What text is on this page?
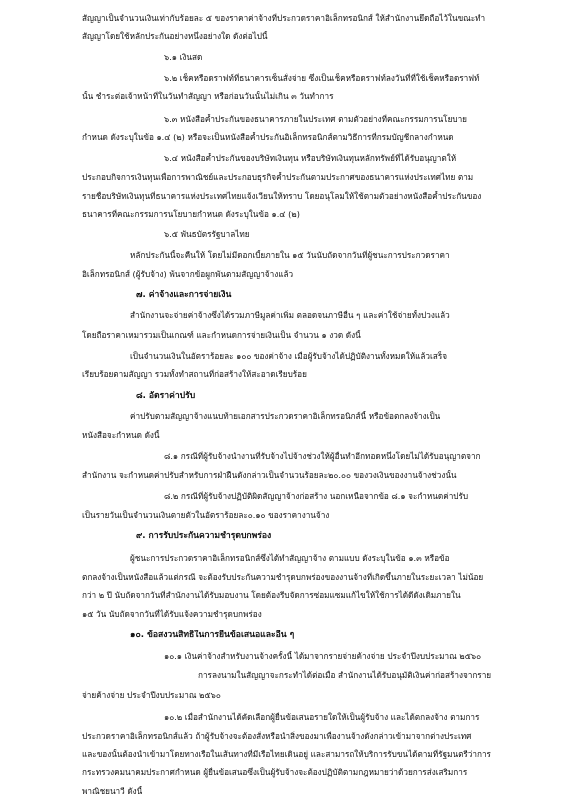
สัญญาเป็นจำนวนเงินเท่ากับร้อยละ ๕ ของราคาค่าจ้างที่ประกวดราคาอิเล็กทรอนิกส์ ให้สำนักงานยึดถือไว้ในขณะทำ
สัญญาโดยใช้หลักประกันอย่างหนึ่งอย่างใด ดังต่อไปนี้
๖.๑ เงินสด
๖.๒ เช็คหรือดราฟท์ที่ธนาคารเซ็นสั่งจ่าย ซึ่งเป็นเช็คหรือดราฟท์ลงวันที่ที่ใช้เช็คหรือดราฟท์
นั้น ชำระต่อเจ้าหน้าที่ในวันทำสัญญา หรือก่อนวันนั้นไม่เกิน ๓ วันทำการ
๖.๓ หนังสือค้ำประกันของธนาคารภายในประเทศ ตามตัวอย่างที่คณะกรรมการนโยบาย
กำหนด ดังระบุในข้อ ๑.๔ (๒) หรือจะเป็นหนังสือค้ำประกันอิเล็กทรอนิกส์ตามวิธีการที่กรมบัญชีกลางกำหนด
๖.๔ หนังสือค้ำประกันของบริษัทเงินทุน หรือบริษัทเงินทุนหลักทรัพย์ที่ได้รับอนุญาตให้
ประกอบกิจการเงินทุนเพื่อการพาณิชย์และประกอบธุรกิจค้ำประกันตามประกาศของธนาคารแห่งประเทศไทย ตาม
รายชื่อบริษัทเงินทุนที่ธนาคารแห่งประเทศไทยแจ้งเวียนให้ทราบ โดยอนุโลมให้ใช้ตามตัวอย่างหนังสือค้ำประกันของ
ธนาคารที่คณะกรรมการนโยบายกำหนด ดังระบุในข้อ ๑.๔ (๒)
๖.๕ พันธบัตรรัฐบาลไทย
หลักประกันนี้จะคืนให้ โดยไม่มีดอกเบี้ยภายใน ๑๕ วันนับถัดจากวันที่ผู้ชนะการประกวดราคา
อิเล็กทรอนิกส์ (ผู้รับจ้าง) พ้นจากข้อผูกพันตามสัญญาจ้างแล้ว
๗. ค่าจ้างและการจ่ายเงิน
สำนักงานจะจ่ายค่าจ้างซึ่งได้รวมภาษีมูลค่าเพิ่ม ตลอดจนภาษีอื่น ๆ และค่าใช้จ่ายทั้งปวงแล้ว
โดยถือราคาเหมารวมเป็นเกณฑ์ และกำหนดการจ่ายเงินเป็น จำนวน ๑ งวด ดังนี้
เป็นจำนวนเงินในอัตราร้อยละ ๑๐๐ ของค่าจ้าง เมื่อผู้รับจ้างได้ปฏิบัติงานทั้งหมดให้แล้วเสร็จ
เรียบร้อยตามสัญญา รวมทั้งทำสถานที่ก่อสร้างให้สะอาดเรียบร้อย
๘. อัตราค่าปรับ
ค่าปรับตามสัญญาจ้างแนบท้ายเอกสารประกวดราคาอิเล็กทรอนิกส์นี้ หรือข้อตกลงจ้างเป็น
หนังสือจะกำหนด ดังนี้
๘.๑ กรณีที่ผู้รับจ้างนำงานที่รับจ้างไปจ้างช่วงให้ผู้อื่นทำอีกทอดหนึ่งโดยไม่ได้รับอนุญาตจาก
สำนักงาน จะกำหนดค่าปรับสำหรับการฝ่าฝืนดังกล่าวเป็นจำนวนร้อยละ๒๐.๐๐ ของวงเงินของงานจ้างช่วงนั้น
๘.๒ กรณีที่ผู้รับจ้างปฏิบัติผิดสัญญาจ้างก่อสร้าง นอกเหนือจากข้อ ๘.๑ จะกำหนดค่าปรับ
เป็นรายวันเป็นจำนวนเงินตายตัวในอัตราร้อยละ๐.๑๐ ของราคางานจ้าง
๙. การรับประกันความชำรุดบกพร่อง
ผู้ชนะการประกวดราคาอิเล็กทรอนิกส์ซึ่งได้ทำสัญญาจ้าง ตามแบบ ดังระบุในข้อ ๑.๓ หรือข้อ
ตกลงจ้างเป็นหนังสือแล้วแต่กรณี จะต้องรับประกันความชำรุดบกพร่องของงานจ้างที่เกิดขึ้นภายในระยะเวลา ไม่น้อย
กว่า ๒ ปี นับถัดจากวันที่สำนักงานได้รับมอบงาน โดยต้องรีบจัดการซ่อมแซมแก้ไขให้ใช้การได้ดีดังเดิมภายใน
๑๕ วัน นับถัดจากวันที่ได้รับแจ้งความชำรุดบกพร่อง
๑๐. ข้อสงวนสิทธิในการยื่นข้อเสนอและอื่น ๆ
๑๐.๑ เงินค่าจ้างสำหรับงานจ้างครั้งนี้ ได้มาจากรายจ่ายค้างจ่าย ประจำปีงบประมาณ ๒๕๖๐
การลงนามในสัญญาจะกระทำได้ต่อเมื่อ สำนักงานได้รับอนุมัติเงินค่าก่อสร้างจากราย
จ่ายค้างจ่าย ประจำปีงบประมาณ ๒๕๖๐
๑๐.๒ เมื่อสำนักงานได้คัดเลือกผู้ยื่นข้อเสนอรายใดให้เป็นผู้รับจ้าง และได้ตกลงจ้าง ตามการ
ประกวดราคาอิเล็กทรอนิกส์แล้ว ถ้าผู้รับจ้างจะต้องสั่งหรือนำสิ่งของมาเพื่องานจ้างดังกล่าวเข้ามาจากต่างประเทศ
และของนั้นต้องนำเข้ามาโดยทางเรือในเส้นทางที่มีเรือไทยเดินอยู่ และสามารถให้บริการรับขนได้ตามที่รัฐมนตรีว่าการ
กระทรวงคมนาคมประกาศกำหนด ผู้ยื่นข้อเสนอซึ่งเป็นผู้รับจ้างจะต้องปฏิบัติตามกฎหมายว่าด้วยการส่งเสริมการ
พาณิชยนาวี ดังนี้
